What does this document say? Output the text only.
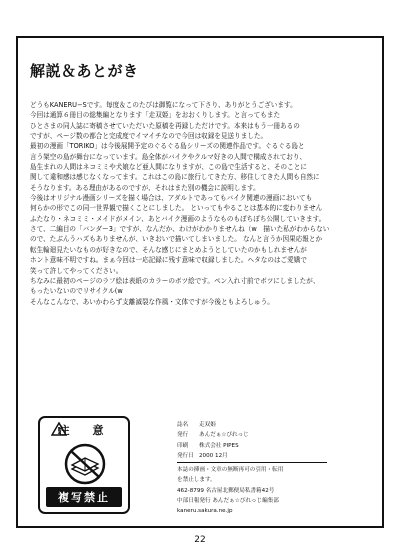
解説＆あとがき

どうもKANERU−Sです。毎度＆このたびは御覧になって下さり、ありがとうございます。

今回は通算６冊目の総集編となります「走双姫」をおおくりします。と言ってもまた

ひとさまの同人誌に寄稿させていただいた原稿を再録しただけです。本来はもう一冊あるの

ですが、ページ数の都合と完成度でイマイチなので今回は収録を見送りました。

最初の漫画「TORIKO」は今後展開予定のぐるぐる島シリーズの関連作品です。ぐるぐる島と

言う架空の島が舞台になっています。島全体がバイクやクルマ好きの人間で構成されており、

島生まれの人間はネコミミや犬娘など亜人間になりますが、この島で生活すると、そのことに

関して違和感は感じなくなってます。これはこの島に旅行してきた方、移住してきた人間も自然に

そうなります。ある理由があるのですが、それはまた別の機会に説明します。

今後はオリジナル漫画シリーズを描く場合は、アダルトであってもバイク関連の漫画においても

何らかの形でこの同一世界観で描くことにしました。 といってもやることは基本的に変わりません

ふたなり・ネコミミ・メイドがメイン、あとバイク漫画のようなものもぼちぼち公開していきます。

さて、二編目の「バンダー3」ですが、なんだか、わけがわかりませんね（w　描いた私がわからない

ので、たぶんうハズもありませんが、いきおいで描いてしまいました。 なんと言うか因果応報とか

転生輪廻見たいなものが好きなので、そんな感じにまとめようとしていたのかもしれませんが

ホント意味不明ですね。まぁ今回は一応記録に残す意味で収録しました。ヘタなのはご愛嬌で

笑って許してやってください。

ちなみに最初のページのラフ絵は表紙のカラーのボツ絵です。ペン入れ寸前でボツにしましたが、

もったいないのでリサイクル(w

そんなこんなで、あいかわらず支離滅裂な作風・文体ですが今後ともよろしゅう。

注　意
複写禁止
誌名 走双姫
発行 あんだぁ☆ぴれっじ
印刷 株式会社 PIPES
発行日 2000 12月
本誌の挿画・文章の無断再可の引用・転用
を禁止します。
462-8799 名古屋北郵便局私書箱42号
中部日報発行 あんだぁ☆ぴれっじ編集部
kaneru.sakura.ne.jp
22
